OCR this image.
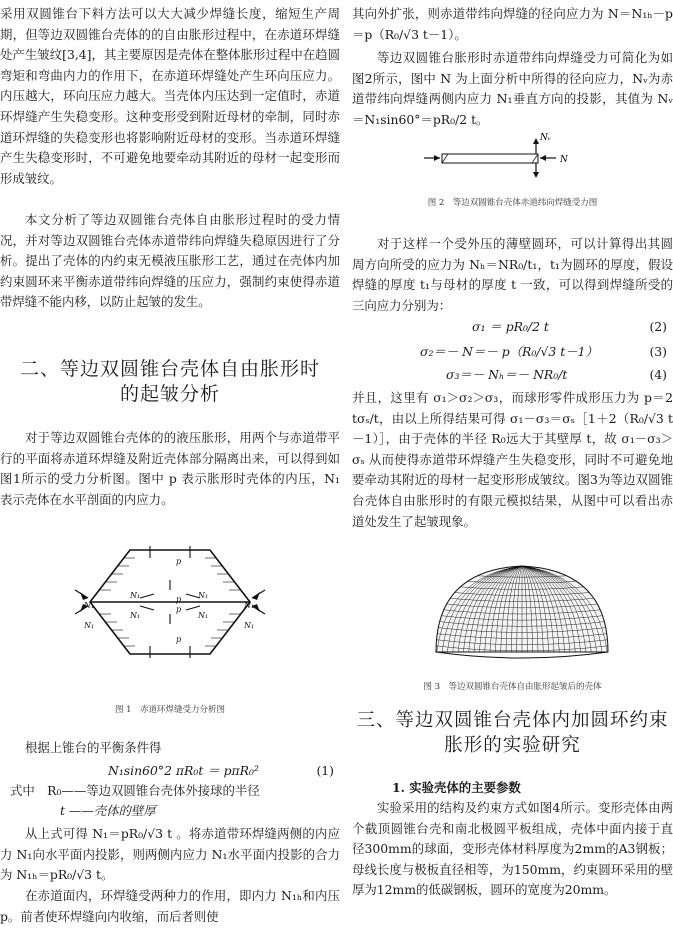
采用双圆锥台下料方法可以大大减少焊缝长度，缩短生产周期，但等边双圆锥台壳体的的自由胀形过程中，在赤道环焊缝处产生皱纹[3,4]，其主要原因是壳体在整体胀形过程中在趋圆弯矩和弯曲内力的作用下，在赤道环焊缝处产生环向压应力。内压越大，环向压应力越大。当壳体内压达到一定值时，赤道环焊缝产生失稳变形。这种变形受到附近母材的牵制，同时赤道环焊缝的失稳变形也将影响附近母材的变形。当赤道环焊缝产生失稳变形时，不可避免地要牵动其附近的母材一起变形而形成皱纹。

本文分析了等边双圆锥台壳体自由胀形过程时的受力情况，并对等边双圆锥台壳体赤道带纬向焊缝失稳原因进行了分析。提出了壳体的内约束无模液压胀形工艺，通过在壳体内加约束圆环来平衡赤道带纬向焊缝的压应力，强制约束使得赤道带焊缝不能内移，以防止起皱的发生。

二、等边双圆锥台壳体自由胀形时
的起皱分析

对于等边双圆锥台壳体的的液压胀形，用两个与赤道带平行的平面将赤道环焊缝及附近壳体部分隔离出来，可以得到如图1所示的受力分析图。图中 p 表示胀形时壳体的内压，N₁ 表示壳体在水平剖面的内应力。

p
p
p
p
N₁
N₁
N₁
N₁
N₁
N₁
N₁
N₁
图 1　赤道环焊缝受力分析图

根据上锥台的平衡条件得

N₁sin60°2 πR₀t ＝ pπR₀²	(1)
式中　R₀——等边双圆锥台壳体外接球的半径
t ——壳体的壁厚

从上式可得 N₁＝pR₀/√3 t 。将赤道带环焊缝两侧的内应力 N₁向水平面内投影，则两侧内应力 N₁水平面内投影的合力为 N₁ₕ＝pR₀/√3 t。

在赤道面内，环焊缝受两种力的作用，即内力 N₁ₕ和内压 p。前者使环焊缝向内收缩，而后者则使

其向外扩张，则赤道带纬向焊缝的径向应力为 N＝N₁ₕ－p＝p（R₀/√3 t－1）。

等边双圆锥台胀形时赤道带纬向焊缝受力可简化为如图2所示，图中 N 为上面分析中所得的径向应力，Nᵥ为赤道带纬向焊缝两侧内应力 N₁垂直方向的投影，其值为 Nᵥ＝N₁sin60°＝pR₀/2 t。

Nᵥ
N
图 2　等边双圆锥台壳体赤道纬向焊缝受力图

对于这样一个受外压的薄壁圆环，可以计算得出其圆周方向所受的应力为 Nₕ＝NR₀/t₁，t₁为圆环的厚度，假设焊缝的厚度 t₁与母材的厚度 t 一致，可以得到焊缝所受的三向应力分别为：

σ₁ ＝ pR₀/2 t	(2)
σ₂＝－ N＝－ p（R₀/√3 t－1）	(3)
σ₃＝－ Nₕ＝－ NR₀/t	(4)

并且，这里有 σ₁＞σ₂＞σ₃，而球形零件成形压力为 p＝2 tσₛ/t，由以上所得结果可得 σ₁－σ₃＝σₛ［1＋2（R₀/√3 t－1）］，由于壳体的半径 R₀远大于其壁厚 t，故 σ₁－σ₃＞σₛ 从而使得赤道带环焊缝产生失稳变形，同时不可避免地要牵动其附近的母材一起变形形成皱纹。图3为等边双圆锥台壳体自由胀形时的有限元模拟结果，从图中可以看出赤道处发生了起皱现象。

图 3　等边双圆锥台壳体自由胀形起皱后的壳体
三、等边双圆锥台壳体内加圆环约束
胀形的实验研究
1. 实验壳体的主要参数

实验采用的结构及约束方式如图4所示。变形壳体由两个截顶圆锥台壳和南北极圆平板组成，壳体中面内接于直径300mm的球面，变形壳体材料厚度为2mm的A3钢板；母线长度与极板直径相等，为150mm，约束圆环采用的壁厚为12mm的低碳钢板，圆环的宽度为20mm。
